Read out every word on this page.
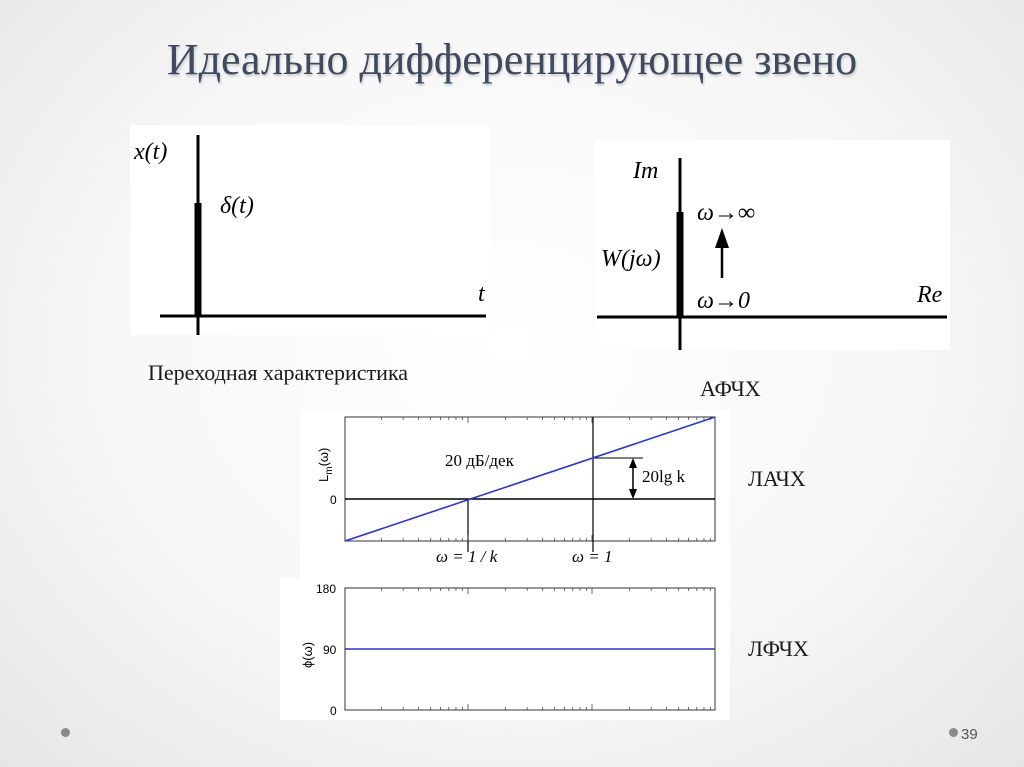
Идеально дифференцирующее звено
x(t)
δ(t)
t
Переходная характеристика
Im
Re
W(jω)
ω→∞
ω→0
АФЧХ
0
20 дБ/дек
20lg k
ω = 1 / k	ω = 1
$L_m(\omega)$
ЛАЧХ
180
90
0
ϕ(ω)	ЛФЧХ
39
